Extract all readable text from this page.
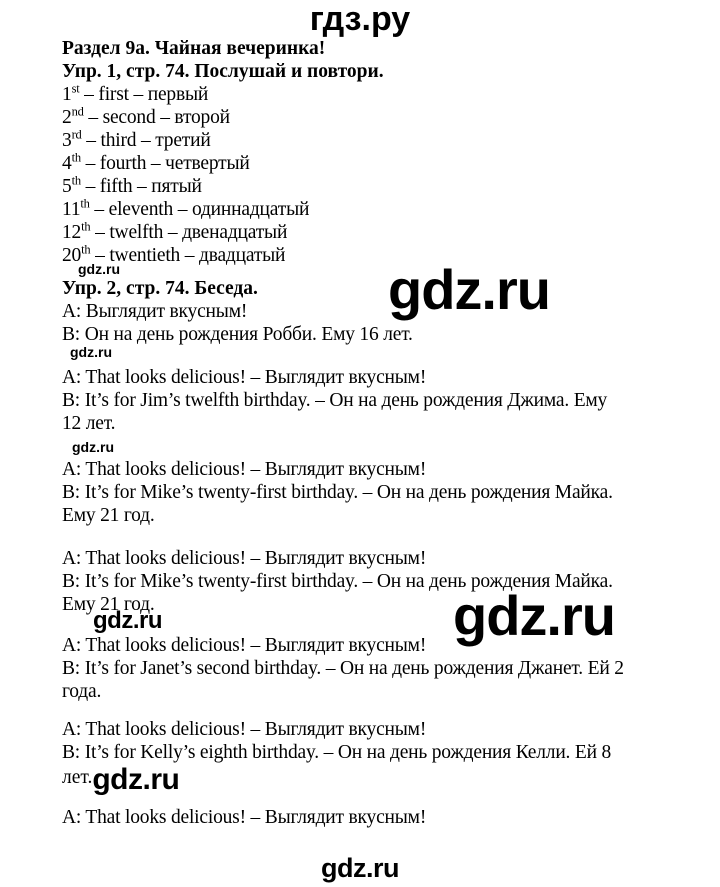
гдз.ру
gdz.ru
gdz.ru
Раздел 9а. Чайная вечеринка!
Упр. 1, стр. 74. Послушай и повтори.
1st – first – первый
2nd – second – второй
3rd – third – третий
4th – fourth – четвертый
5th – fifth – пятый
11th – eleventh – одиннадцатый
12th – twelfth – двенадцатый
20th – twentieth – двадцатый
gdz.ru
Упр. 2, стр. 74. Беседа.
A: Выглядит вкусным!
B: Он на день рождения Робби. Ему 16 лет.
gdz.ru
A: That looks delicious! – Выглядит вкусным!
B: It’s for Jim’s twelfth birthday. – Он на день рождения Джима. Ему
12 лет.
gdz.ru
A: That looks delicious! – Выглядит вкусным!
B: It’s for Mike’s twenty-first birthday. – Он на день рождения Майка.
Ему 21 год.
A: That looks delicious! – Выглядит вкусным!
B: It’s for Mike’s twenty-first birthday. – Он на день рождения Майка.
Ему 21 год.
gdz.ru
A: That looks delicious! – Выглядит вкусным!
B: It’s for Janet’s second birthday. – Он на день рождения Джанет. Ей 2
года.
A: That looks delicious! – Выглядит вкусным!
B: It’s for Kelly’s eighth birthday. – Он на день рождения Келли. Ей 8
лет.gdz.ru
A: That looks delicious! – Выглядит вкусным!
gdz.ru
